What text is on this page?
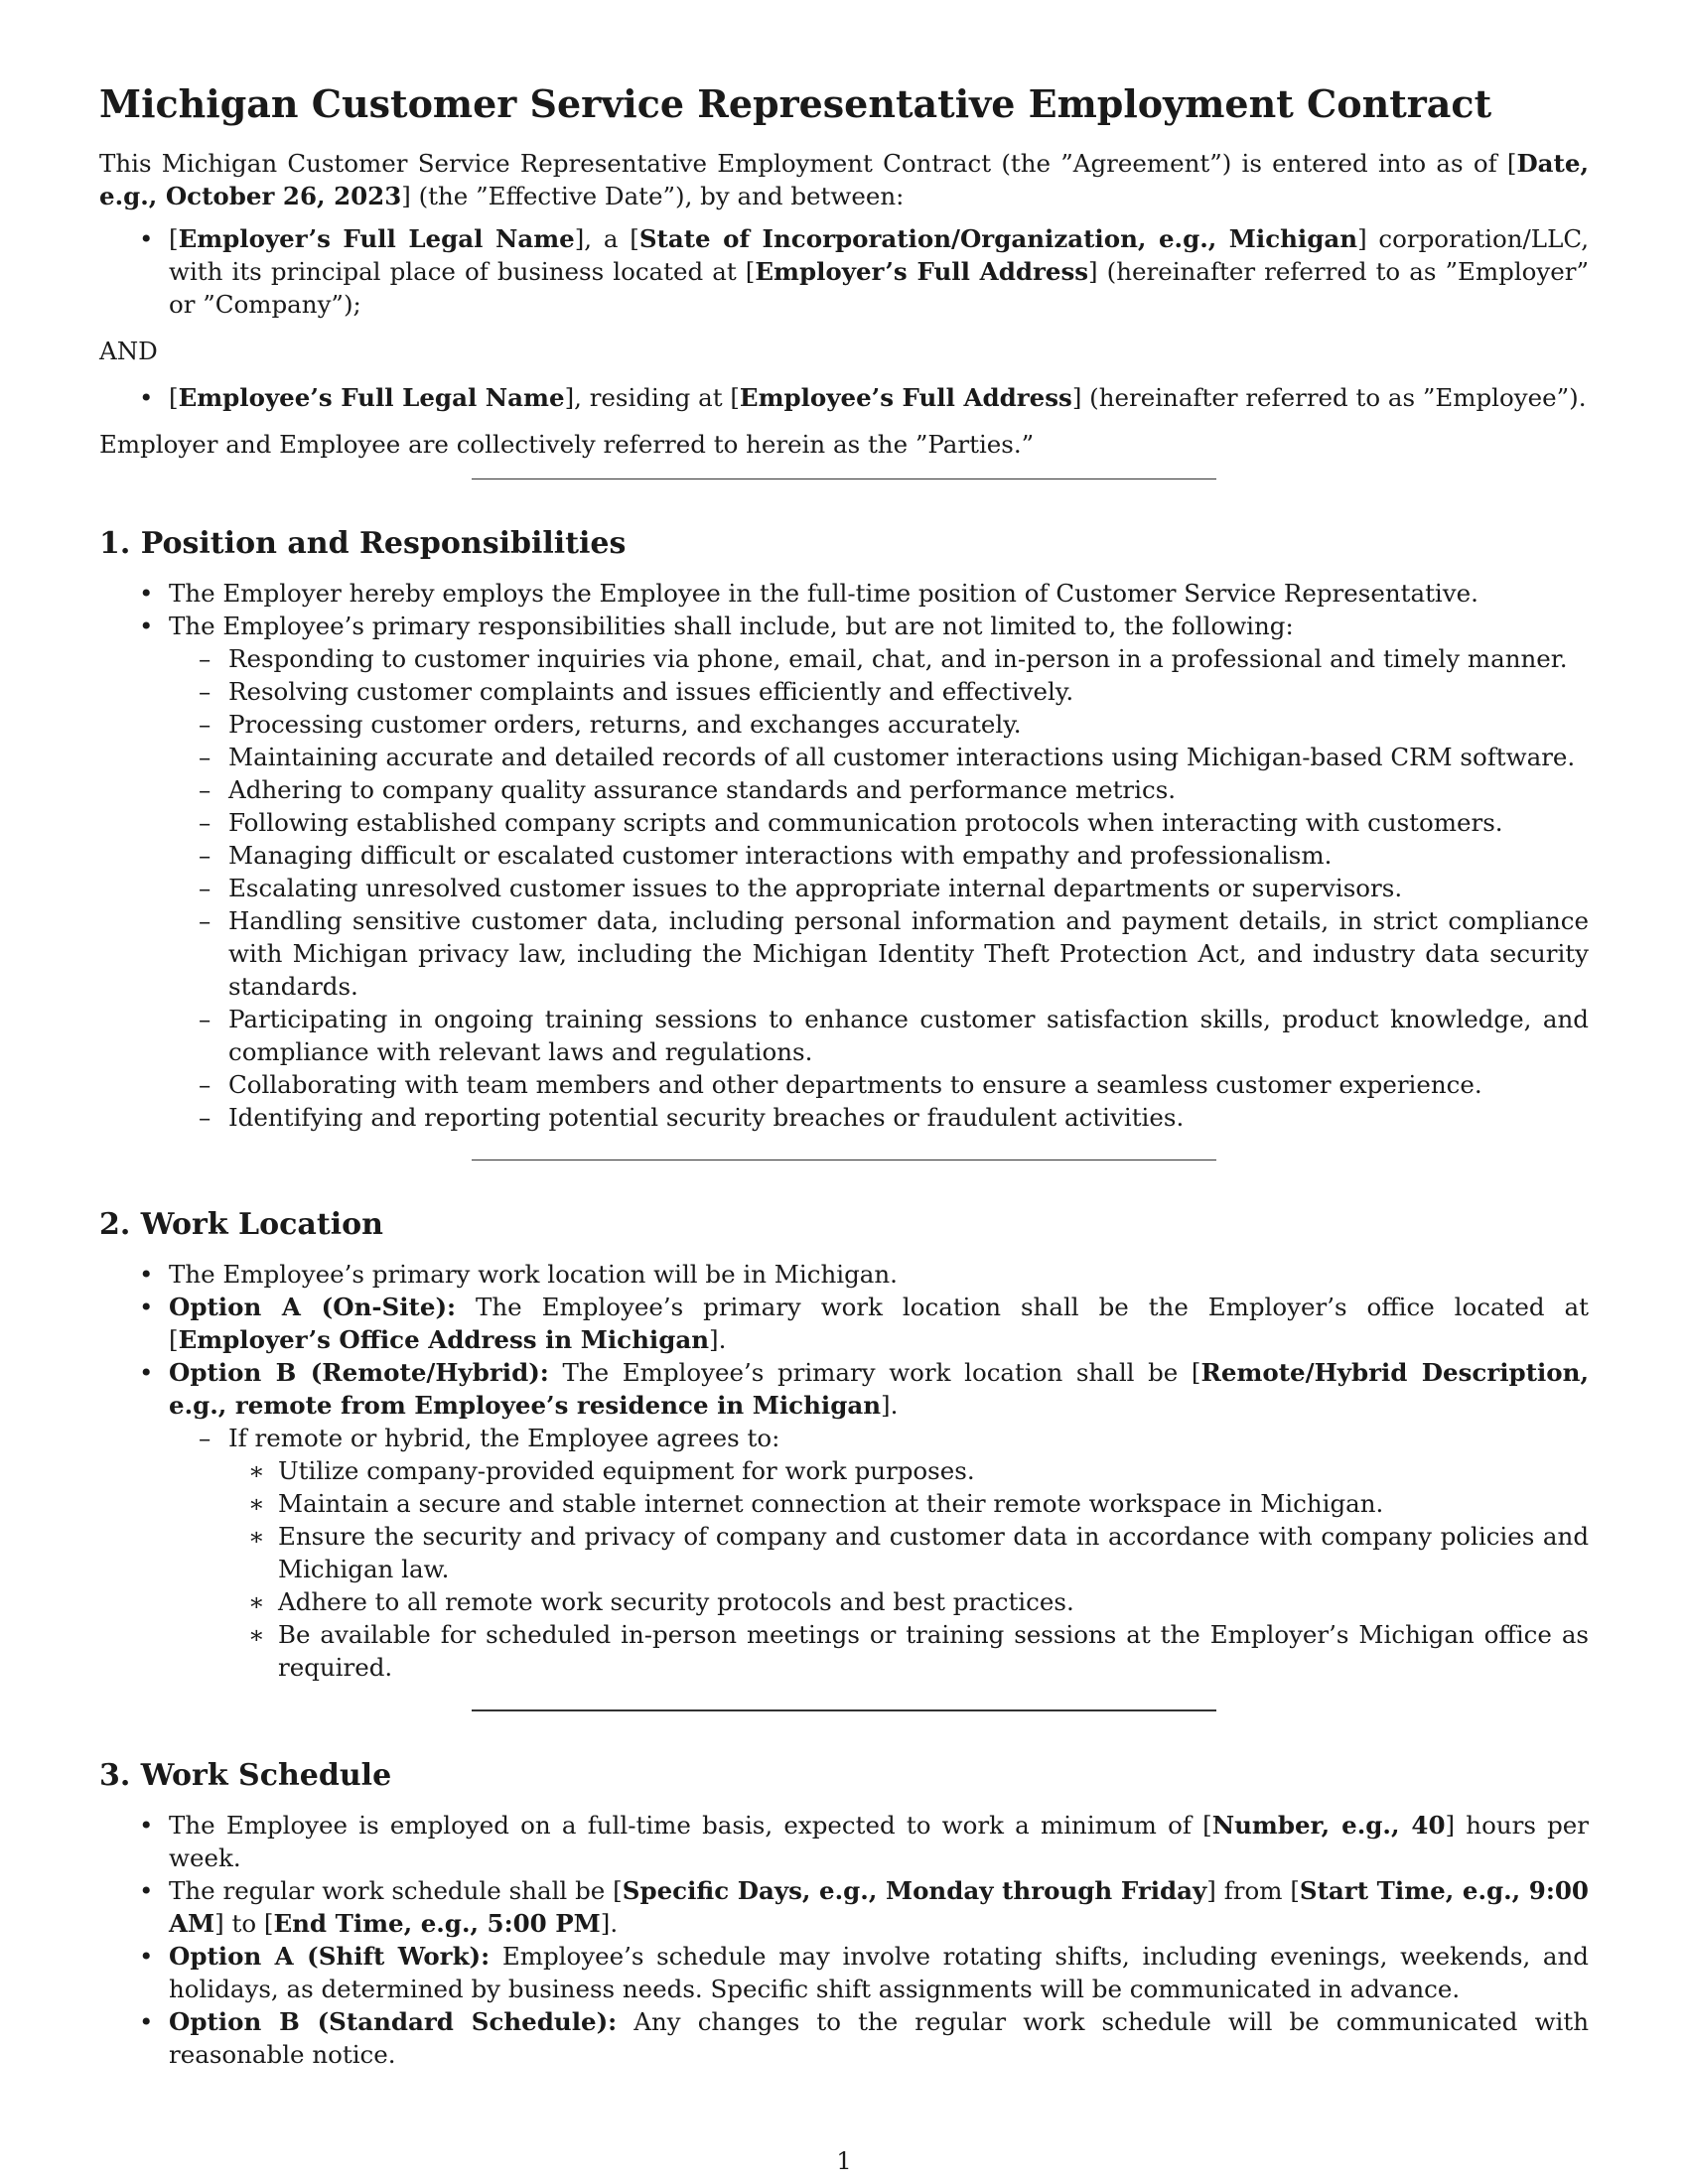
Michigan Customer Service Representative Employment Contract

This Michigan Customer Service Representative Employment Contract (the ”Agreement”) is entered into as of [Date, e.g., October 26, 2023] (the ”Effective Date”), by and between:

• [Employer’s Full Legal Name], a [State of Incorporation/Organization, e.g., Michigan] corporation/LLC, with its principal place of business located at [Employer’s Full Address] (hereinafter referred to as ”Employer” or ”Company”);

AND

• [Employee’s Full Legal Name], residing at [Employee’s Full Address] (hereinafter referred to as ”Employee”).

Employer and Employee are collectively referred to herein as the ”Parties.”

1. Position and Responsibilities
• The Employer hereby employs the Employee in the full-time position of Customer Service Representative.
• The Employee’s primary responsibilities shall include, but are not limited to, the following:
– Responding to customer inquiries via phone, email, chat, and in-person in a professional and timely manner.
– Resolving customer complaints and issues efficiently and effectively.
– Processing customer orders, returns, and exchanges accurately.
– Maintaining accurate and detailed records of all customer interactions using Michigan-based CRM software.
– Adhering to company quality assurance standards and performance metrics.
– Following established company scripts and communication protocols when interacting with customers.
– Managing difficult or escalated customer interactions with empathy and professionalism.
– Escalating unresolved customer issues to the appropriate internal departments or supervisors.
– Handling sensitive customer data, including personal information and payment details, in strict compliance with Michigan privacy law, including the Michigan Identity Theft Protection Act, and industry data security standards.
– Participating in ongoing training sessions to enhance customer satisfaction skills, product knowledge, and compliance with relevant laws and regulations.
– Collaborating with team members and other departments to ensure a seamless customer experience.
– Identifying and reporting potential security breaches or fraudulent activities.
2. Work Location
• The Employee’s primary work location will be in Michigan.
• Option A (On-Site): The Employee’s primary work location shall be the Employer’s office located at [Employer’s Office Address in Michigan].
• Option B (Remote/Hybrid): The Employee’s primary work location shall be [Remote/Hybrid Description, e.g., remote from Employee’s residence in Michigan].
– If remote or hybrid, the Employee agrees to:
∗ Utilize company-provided equipment for work purposes.
∗ Maintain a secure and stable internet connection at their remote workspace in Michigan.
∗ Ensure the security and privacy of company and customer data in accordance with company policies and Michigan law.
∗ Adhere to all remote work security protocols and best practices.
∗ Be available for scheduled in-person meetings or training sessions at the Employer’s Michigan office as required.
3. Work Schedule
• The Employee is employed on a full-time basis, expected to work a minimum of [Number, e.g., 40] hours per week.
• The regular work schedule shall be [Specific Days, e.g., Monday through Friday] from [Start Time, e.g., 9:00 AM] to [End Time, e.g., 5:00 PM].
• Option A (Shift Work): Employee’s schedule may involve rotating shifts, including evenings, weekends, and holidays, as determined by business needs. Specific shift assignments will be communicated in advance.
• Option B (Standard Schedule): Any changes to the regular work schedule will be communicated with reasonable notice.
1
